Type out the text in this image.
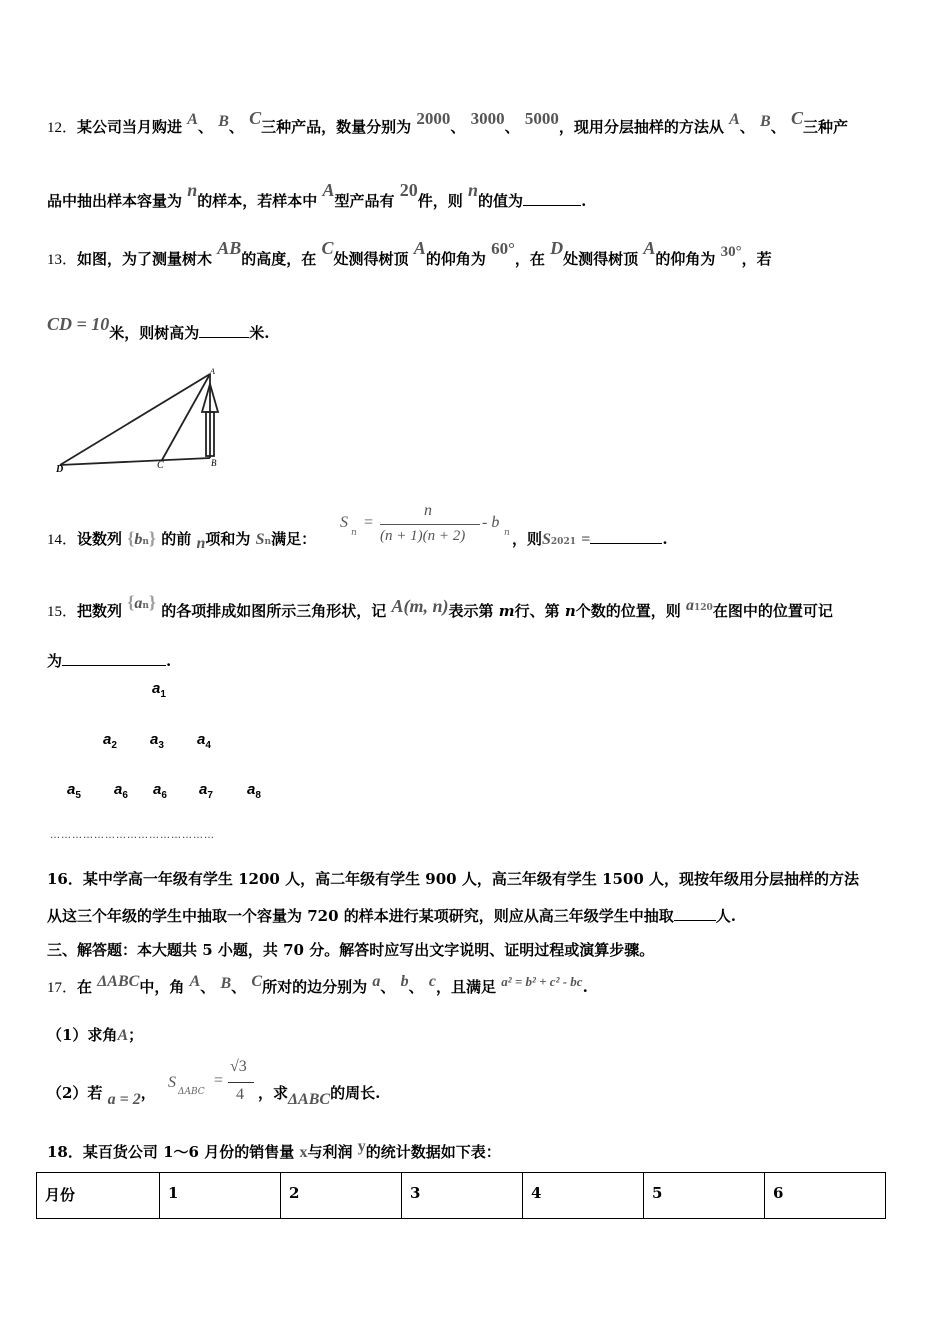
12．某公司当月购进 A、 B、 C三种产品，数量分别为 2000、 3000、 5000，现用分层抽样的方法从 A、 B、 C三种产
品中抽出样本容量为 n的样本，若样本中 A型产品有 20件，则 n的值为	.
13．如图，为了测量树木 AB的高度，在 C处测得树顶 A的仰角为 60°，在 D处测得树顶 A的仰角为 30°，若
CD = 10米，则树高为	米.
A
B
C
D
14．设数列 {bn} 的前 n项和为 Sn满足：
S
n
=
n
(n + 1)(n + 2)
- b
n ，则S2021 =	.
15．把数列 {an} 的各项排成如图所示三角形状，记 A(m, n)表示第 m行、第 n个数的位置，则 a120在图中的位置可记
为	.
$a_1$
$a_2$ $a_3$ $a_4$
$a_5$ $a_6$ $a_6$ $a_7$ $a_8$
………………………………………
16．某中学高一年级有学生 1200 人，高二年级有学生 900 人，高三年级有学生 1500 人，现按年级用分层抽样的方法
从这三个年级的学生中抽取一个容量为 720 的样本进行某项研究，则应从高三年级学生中抽取	人.
三、解答题：本大题共 5 小题，共 70 分。解答时应写出文字说明、证明过程或演算步骤。
17．在 ΔABC中，角 A、 B、 C所对的边分别为 a、 b、 c，且满足 a² = b² + c² - bc.
（1）求角A；
（2）若 a = 2，
S
ΔABC
=
√3
4 ，求ΔABC的周长.
18．某百货公司 1～6 月份的销售量 x与利润 y的统计数据如下表：
月份	1	2	3	4	5	6
